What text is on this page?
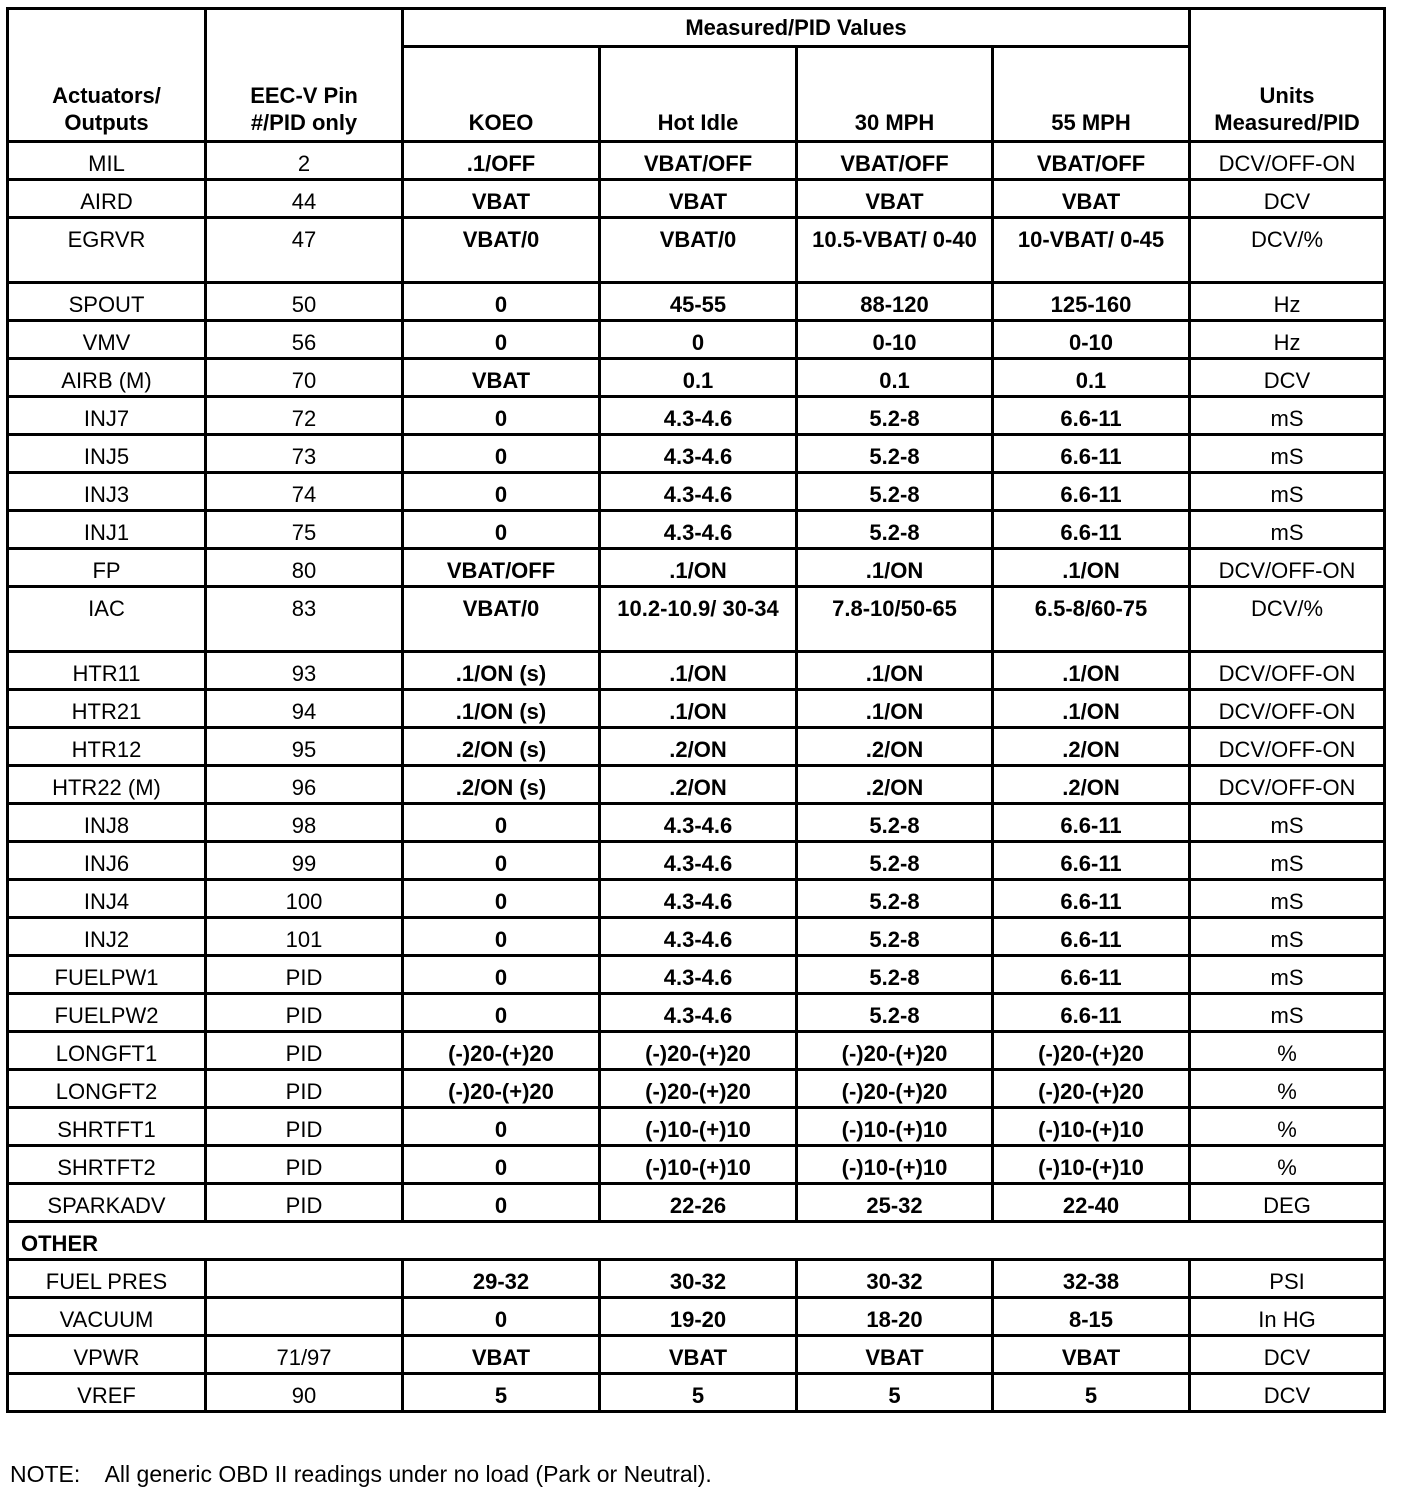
Actuators/ Outputs	EEC-V Pin #/PID only	Measured/PID Values				Units Measured/PID
		KOEO	Hot Idle	30 MPH	55 MPH	
MIL	2	.1/OFF	VBAT/OFF	VBAT/OFF	VBAT/OFF	DCV/OFF-ON
AIRD	44	VBAT	VBAT	VBAT	VBAT	DCV
EGRVR	47	VBAT/0	VBAT/0	10.5-VBAT/ 0-40	10-VBAT/ 0-45	DCV/%
SPOUT	50	0	45-55	88-120	125-160	Hz
VMV	56	0	0	0-10	0-10	Hz
AIRB (M)	70	VBAT	0.1	0.1	0.1	DCV
INJ7	72	0	4.3-4.6	5.2-8	6.6-11	mS
INJ5	73	0	4.3-4.6	5.2-8	6.6-11	mS
INJ3	74	0	4.3-4.6	5.2-8	6.6-11	mS
INJ1	75	0	4.3-4.6	5.2-8	6.6-11	mS
FP	80	VBAT/OFF	.1/ON	.1/ON	.1/ON	DCV/OFF-ON
IAC	83	VBAT/0	10.2-10.9/ 30-34	7.8-10/50-65	6.5-8/60-75	DCV/%
HTR11	93	.1/ON (s)	.1/ON	.1/ON	.1/ON	DCV/OFF-ON
HTR21	94	.1/ON (s)	.1/ON	.1/ON	.1/ON	DCV/OFF-ON
HTR12	95	.2/ON (s)	.2/ON	.2/ON	.2/ON	DCV/OFF-ON
HTR22 (M)	96	.2/ON (s)	.2/ON	.2/ON	.2/ON	DCV/OFF-ON
INJ8	98	0	4.3-4.6	5.2-8	6.6-11	mS
INJ6	99	0	4.3-4.6	5.2-8	6.6-11	mS
INJ4	100	0	4.3-4.6	5.2-8	6.6-11	mS
INJ2	101	0	4.3-4.6	5.2-8	6.6-11	mS
FUELPW1	PID	0	4.3-4.6	5.2-8	6.6-11	mS
FUELPW2	PID	0	4.3-4.6	5.2-8	6.6-11	mS
LONGFT1	PID	(-)20-(+)20	(-)20-(+)20	(-)20-(+)20	(-)20-(+)20	%
LONGFT2	PID	(-)20-(+)20	(-)20-(+)20	(-)20-(+)20	(-)20-(+)20	%
SHRTFT1	PID	0	(-)10-(+)10	(-)10-(+)10	(-)10-(+)10	%
SHRTFT2	PID	0	(-)10-(+)10	(-)10-(+)10	(-)10-(+)10	%
SPARKADV	PID	0	22-26	25-32	22-40	DEG
OTHER						
FUEL PRES		29-32	30-32	30-32	32-38	PSI
VACUUM		0	19-20	18-20	8-15	In HG
VPWR	71/97	VBAT	VBAT	VBAT	VBAT	DCV
VREF	90	5	5	5	5	DCV
NOTE:    All generic OBD II readings under no load (Park or Neutral).
